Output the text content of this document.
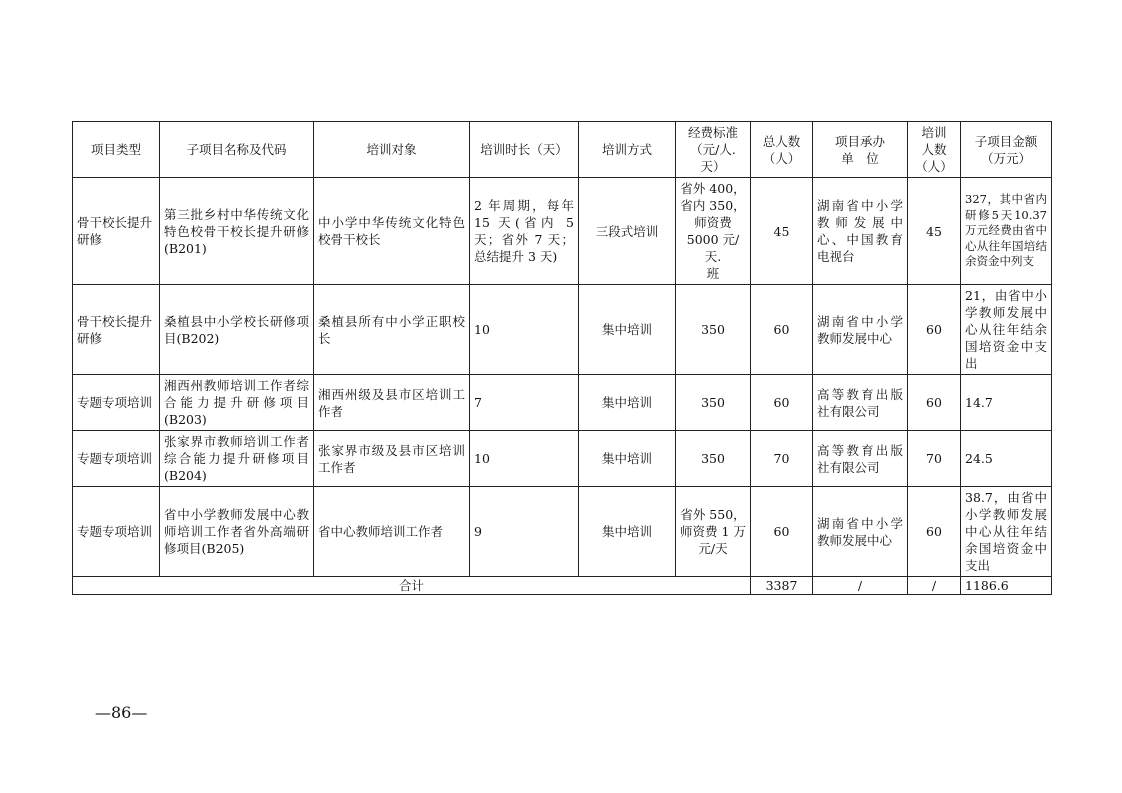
项目类型	子项目名称及代码	培训对象	培训时长（天）	培训方式	经费标准
（元/人.
天）	总人数
（人）	项目承办
单　位	培训
人数
（人）	子项目金额
（万元）
骨干校长提升研修	第三批乡村中华传统文化特色校骨干校长提升研修(B201)	中小学中华传统文化特色校骨干校长	2 年周期，每年 15 天(省内 5 天；省外 7 天；总结提升 3 天)	三段式培训	省外 400，
省内 350，
师资费
5000 元/天.
班	45	湖南省中小学教师发展中心、中国教育电视台	45	327，其中省内研修5天10.37万元经费由省中心从往年国培结余资金中列支
骨干校长提升研修	桑植县中小学校长研修项目(B202)	桑植县所有中小学正职校长	10	集中培训	350	60	湖南省中小学教师发展中心	60	21，由省中小学教师发展中心从往年结余国培资金中支出
专题专项培训	湘西州教师培训工作者综合能力提升研修项目(B203)	湘西州级及县市区培训工作者	7	集中培训	350	60	高等教育出版社有限公司	60	14.7
专题专项培训	张家界市教师培训工作者综合能力提升研修项目(B204)	张家界市级及县市区培训工作者	10	集中培训	350	70	高等教育出版社有限公司	70	24.5
专题专项培训	省中小学教师发展中心教师培训工作者省外高端研修项目(B205)	省中心教师培训工作者	9	集中培训	省外 550，
师资费 1 万
元/天	60	湖南省中小学教师发展中心	60	38.7，由省中小学教师发展中心从往年结余国培资金中支出
合计						3387	/	/	1186.6
—86—
